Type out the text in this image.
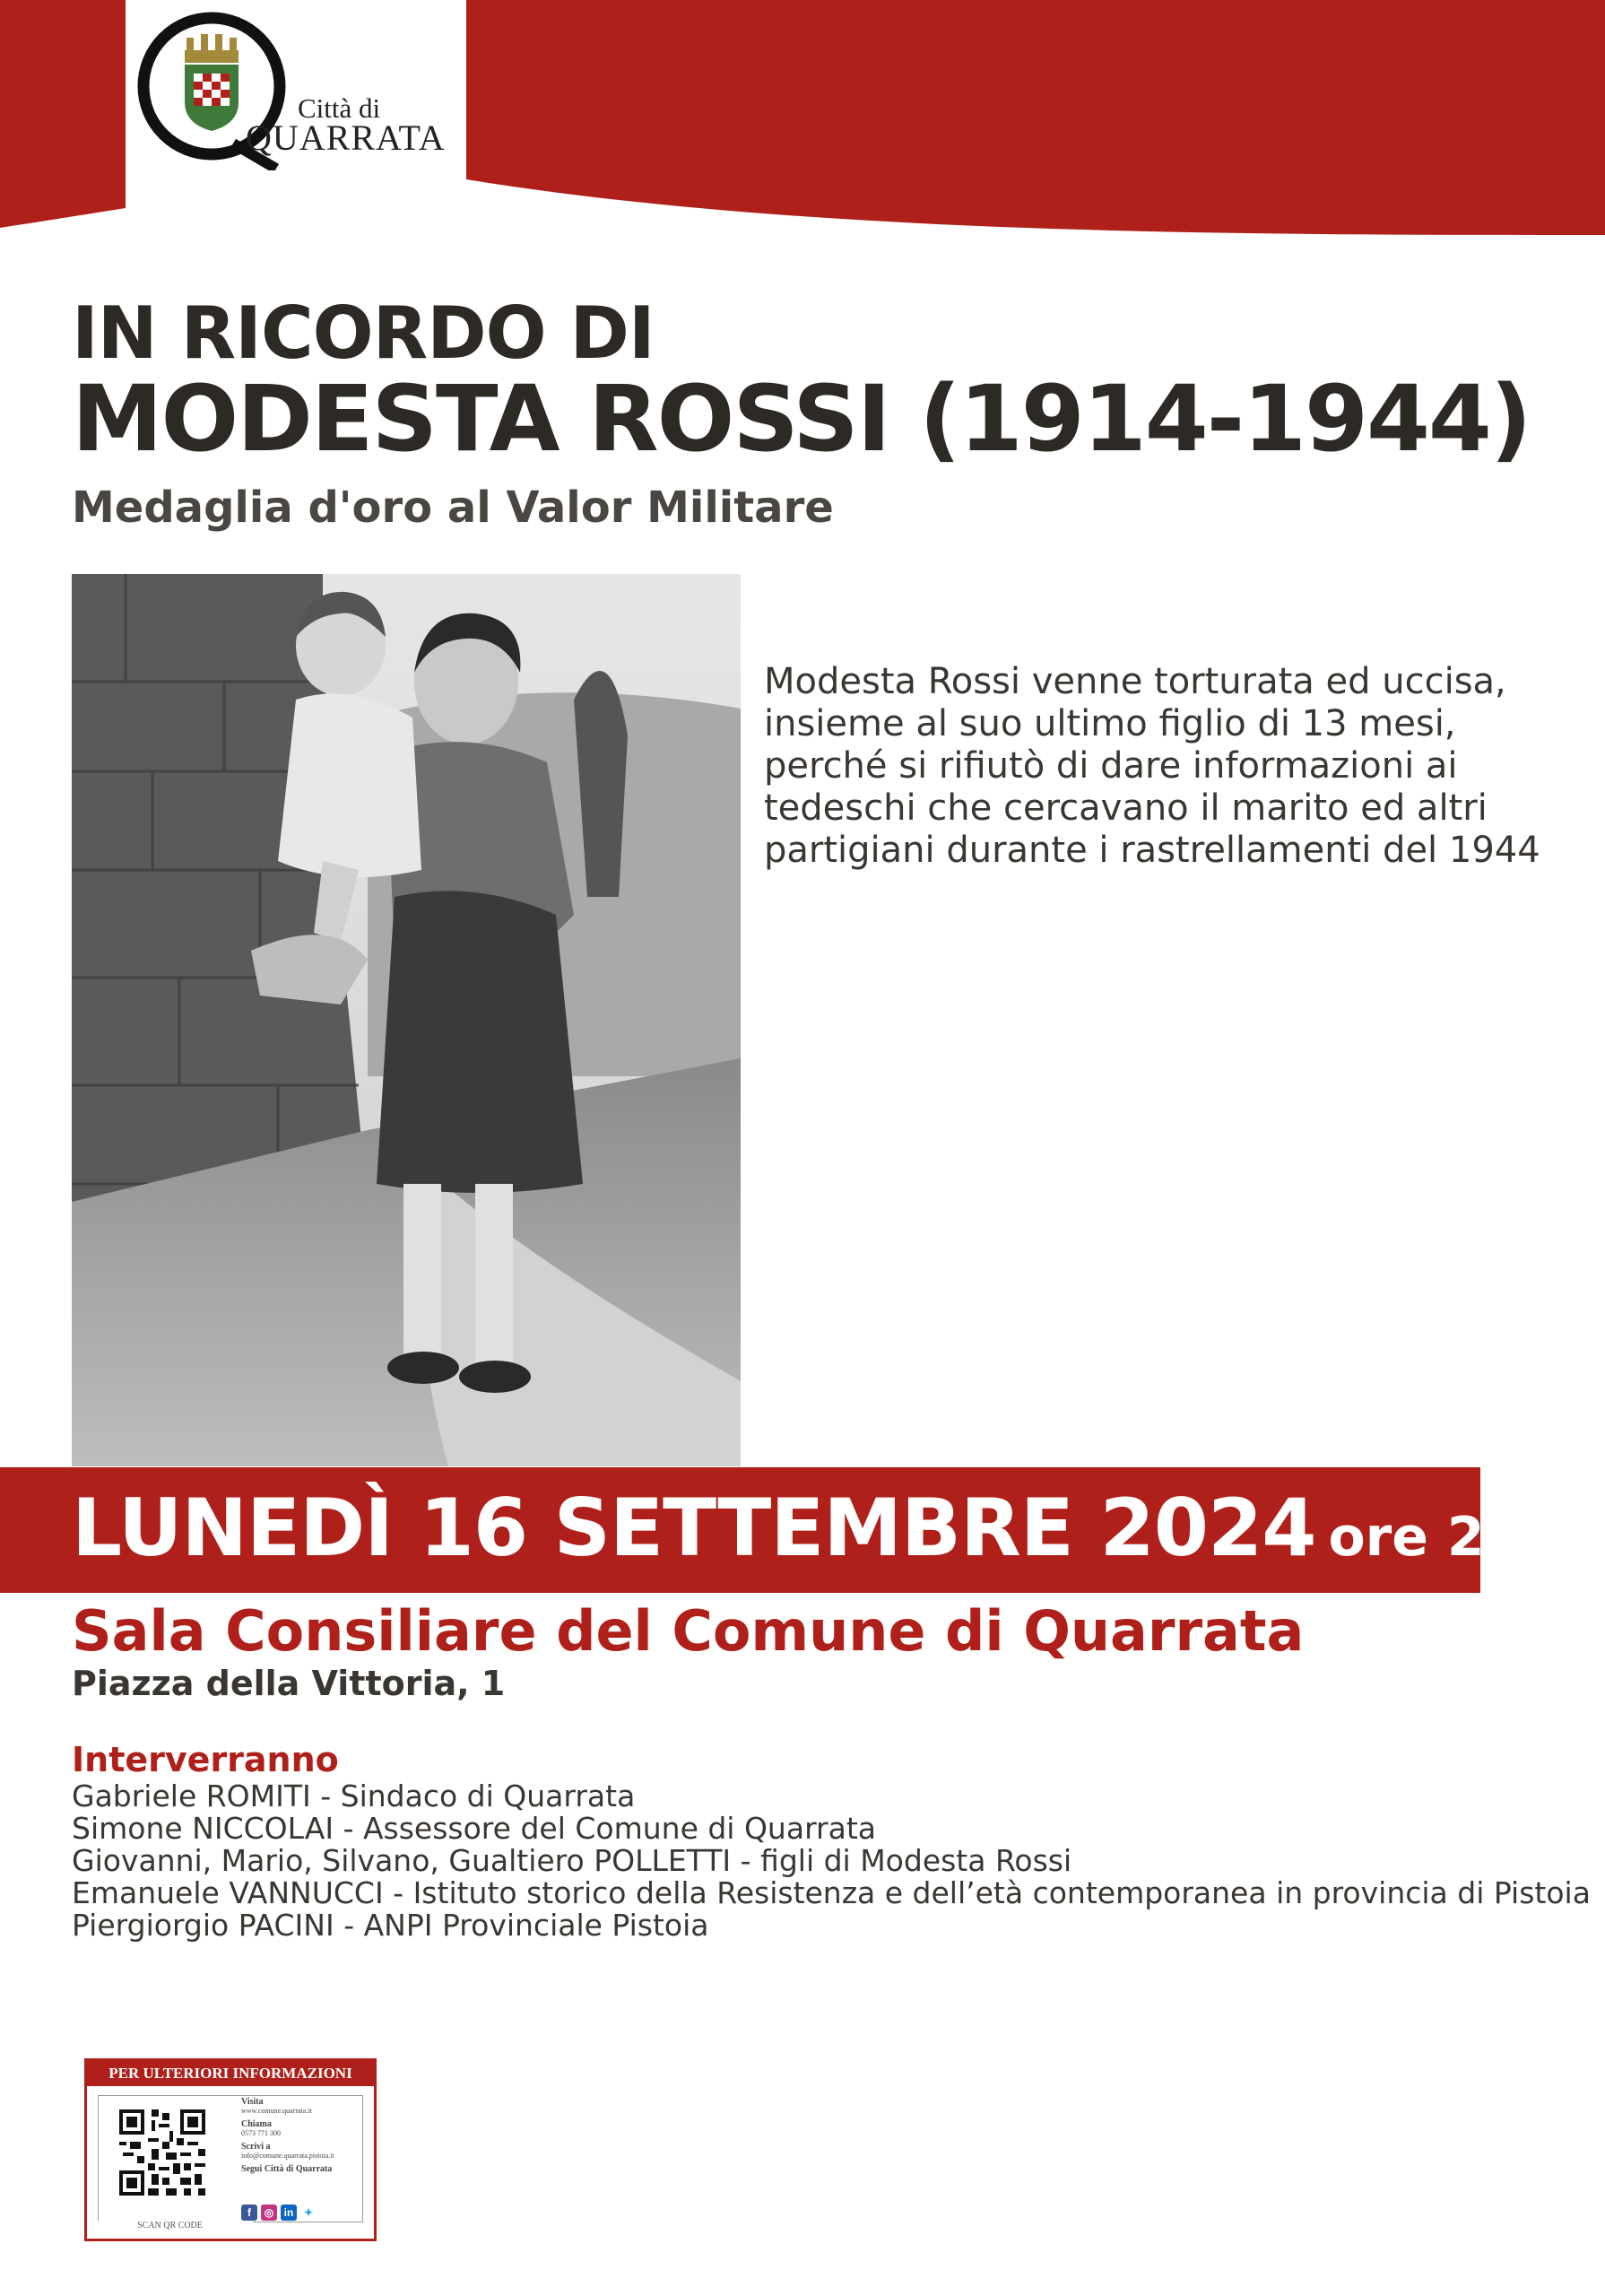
Città di
QUARRATA
IN RICORDO DI
MODESTA ROSSI (1914-1944)
Medaglia d'oro al Valor Militare
Modesta Rossi venne torturata ed uccisa, insieme al suo ultimo figlio di 13 mesi, perché si rifiutò di dare informazioni ai tedeschi che cercavano il marito ed altri partigiani durante i rastrellamenti del 1944
LUNEDÌ 16 SETTEMBRE 2024 ore 21
Sala Consiliare del Comune di Quarrata
Piazza della Vittoria, 1
Interverranno
Gabriele ROMITI - Sindaco di Quarrata
Simone NICCOLAI - Assessore del Comune di Quarrata
Giovanni, Mario, Silvano, Gualtiero POLLETTI - figli di Modesta Rossi
Emanuele VANNUCCI - Istituto storico della Resistenza e dell’età contemporanea in provincia di Pistoia
Piergiorgio PACINI - ANPI Provinciale Pistoia
PER ULTERIORI INFORMAZIONI
SCAN QR CODE
Visita
www.comune.quarrata.it
Chiama
0573 771 300
Scrivi a
info@comune.quarrata.pistoia.it
Segui Città di Quarrata
f	◎ in ✦
